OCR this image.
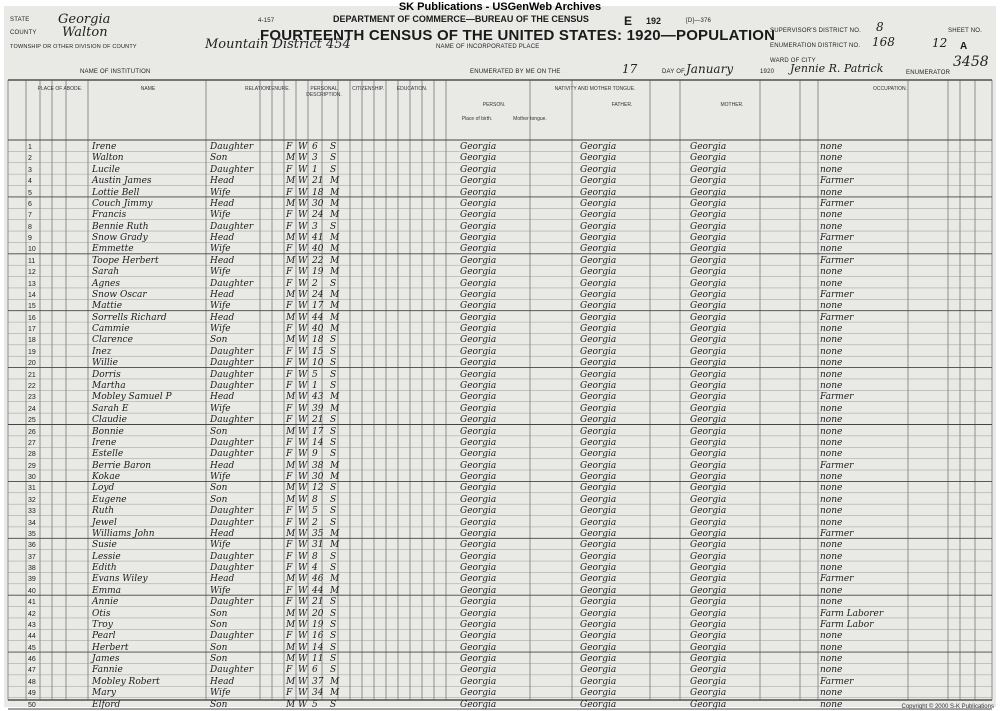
SK Publications - USGenWeb Archives
STATE Georgia
COUNTY Walton
TOWNSHIP OR OTHER DIVISION OF COUNTY	Mountain District 454	NAME OF INCORPORATED PLACE
NAME OF INSTITUTION
4-157	DEPARTMENT OF COMMERCE—BUREAU OF THE CENSUS	E 192	[D]—376
FOURTEENTH CENSUS OF THE UNITED STATES: 1920—POPULATION
ENUMERATED BY ME ON THE	17	DAY OF January	1920 Jennie R. Patrick	ENUMERATOR
SUPERVISOR'S DISTRICT NO. 8
ENUMERATION DISTRICT NO. 168
WARD OF CITY
SHEET NO.
12 A
3458
PLACE OF ABODE.	NAME	RELATION.
TENURE.	PERSONAL DESCRIPTION.
CITIZENSHIP.	EDUCATION.	NATIVITY AND MOTHER TONGUE.
PERSON.	FATHER.	MOTHER.
OCCUPATION.
Place of birth.	Mother tongue.
1	Irene	Daughter	F W 6 S	Georgia	Georgia	Georgia	none
2	Walton	Son	M W 3 S	Georgia	Georgia	Georgia	none
3	Lucile	Daughter	F W 1 S	Georgia	Georgia	Georgia	none
4	Austin James	Head	M W 21 M	Georgia	Georgia	Georgia	Farmer
5	Lottie Bell	Wife	F W 18 M	Georgia	Georgia	Georgia	none
6	Couch Jimmy	Head	M W 30 M	Georgia	Georgia	Georgia	Farmer
7	Francis	Wife	F W 24 M	Georgia	Georgia	Georgia	none
8	Bennie Ruth	Daughter	F W 3 S	Georgia	Georgia	Georgia	none
9	Snow Grady	Head	M W 41 M	Georgia	Georgia	Georgia	Farmer
10	Emmette	Wife	F W 40 M	Georgia	Georgia	Georgia	none
11	Toope Herbert	Head	M W 22 M	Georgia	Georgia	Georgia	Farmer
12	Sarah	Wife	F W 19 M	Georgia	Georgia	Georgia	none
13	Agnes	Daughter	F W 2 S	Georgia	Georgia	Georgia	none
14	Snow Oscar	Head	M W 24 M	Georgia	Georgia	Georgia	Farmer
15	Mattie	Wife	F W 17 M	Georgia	Georgia	Georgia	none
16	Sorrells Richard	Head	M W 44 M	Georgia	Georgia	Georgia	Farmer
17	Cammie	Wife	F W 40 M	Georgia	Georgia	Georgia	none
18	Clarence	Son	M W 18 S	Georgia	Georgia	Georgia	none
19	Inez	Daughter	F W 15 S	Georgia	Georgia	Georgia	none
20	Willie	Daughter	F W 10 S	Georgia	Georgia	Georgia	none
21	Dorris	Daughter	F W 5 S	Georgia	Georgia	Georgia	none
22	Martha	Daughter	F W 1 S	Georgia	Georgia	Georgia	none
23	Mobley Samuel P	Head	M W 43 M	Georgia	Georgia	Georgia	Farmer
24	Sarah E	Wife	F W 39 M	Georgia	Georgia	Georgia	none
25	Claudie	Daughter	F W 21 S	Georgia	Georgia	Georgia	none
26	Bonnie	Son	M W 17 S	Georgia	Georgia	Georgia	none
27	Irene	Daughter	F W 14 S	Georgia	Georgia	Georgia	none
28	Estelle	Daughter	F W 9 S	Georgia	Georgia	Georgia	none
29	Berrie Baron	Head	M W 38 M	Georgia	Georgia	Georgia	Farmer
30	Kokae	Wife	F W 30 M	Georgia	Georgia	Georgia	none
31	Loyd	Son	M W 12 S	Georgia	Georgia	Georgia	none
32	Eugene	Son	M W 8 S	Georgia	Georgia	Georgia	none
33	Ruth	Daughter	F W 5 S	Georgia	Georgia	Georgia	none
34	Jewel	Daughter	F W 2 S	Georgia	Georgia	Georgia	none
35	Williams John	Head	M W 35 M	Georgia	Georgia	Georgia	Farmer
36	Susie	Wife	F W 31 M	Georgia	Georgia	Georgia	none
37	Lessie	Daughter	F W 8 S	Georgia	Georgia	Georgia	none
38	Edith	Daughter	F W 4 S	Georgia	Georgia	Georgia	none
39	Evans Wiley	Head	M W 46 M	Georgia	Georgia	Georgia	Farmer
40	Emma	Wife	F W 44 M	Georgia	Georgia	Georgia	none
41	Annie	Daughter	F W 21 S	Georgia	Georgia	Georgia	none
42	Otis	Son	M W 20 S	Georgia	Georgia	Georgia	Farm Laborer
43	Troy	Son	M W 19 S	Georgia	Georgia	Georgia	Farm Labor
44	Pearl	Daughter	F W 16 S	Georgia	Georgia	Georgia	none
45	Herbert	Son	M W 14 S	Georgia	Georgia	Georgia	none
46	James	Son	M W 11 S	Georgia	Georgia	Georgia	none
47	Fannie	Daughter	F W 6 S	Georgia	Georgia	Georgia	none
48	Mobley Robert	Head	M W 37 M	Georgia	Georgia	Georgia	Farmer
49	Mary	Wife	F W 34 M	Georgia	Georgia	Georgia	none
50	Elford	Son	M W 5 S	Georgia	Georgia	Georgia	none	Copyright © 2000 S-K Publications
